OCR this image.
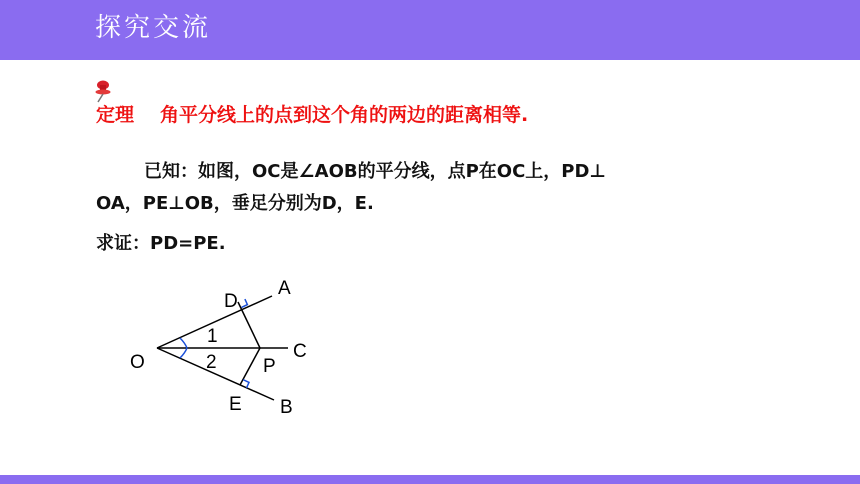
探究交流
定理 角平分线上的点到这个角的两边的距离相等.
已知：如图，OC是∠AOB的平分线，点P在OC上，PD⊥
OA，PE⊥OB，垂足分别为D，E.
求证：PD=PE.
O
A
C
B
D
E
P
1
2
